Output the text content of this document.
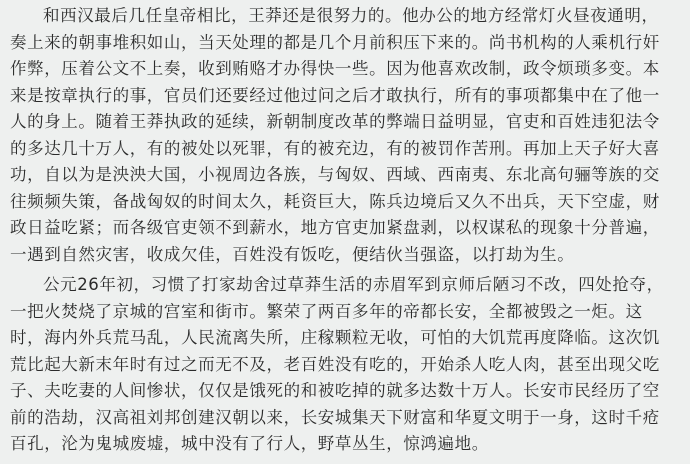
和西汉最后几任皇帝相比，王莽还是很努力的。他办公的地方经常灯火昼夜通明，
奏上来的朝事堆积如山，当天处理的都是几个月前积压下来的。尚书机构的人乘机行奸
作弊，压着公文不上奏，收到贿赂才办得快一些。因为他喜欢改制，政令烦琐多变。本
来是按章执行的事，官员们还要经过他过问之后才敢执行，所有的事项都集中在了他一
人的身上。随着王莽执政的延续，新朝制度改革的弊端日益明显，官吏和百姓违犯法令
的多达几十万人，有的被处以死罪，有的被充边，有的被罚作苦刑。再加上天子好大喜
功，自以为是泱泱大国，小视周边各族，与匈奴、西域、西南夷、东北高句骊等族的交
往频频失策，备战匈奴的时间太久，耗资巨大，陈兵边境后又久不出兵，天下空虚，财
政日益吃紧；而各级官吏领不到薪水，地方官吏加紧盘剥，以权谋私的现象十分普遍，
一遇到自然灾害，收成欠佳，百姓没有饭吃，便结伙当强盗，以打劫为生。
公元26年初，习惯了打家劫舍过草莽生活的赤眉军到京师后陋习不改，四处抢夺，
一把火焚烧了京城的宫室和街市。繁荣了两百多年的帝都长安，全都被毁之一炬。这
时，海内外兵荒马乱，人民流离失所，庄稼颗粒无收，可怕的大饥荒再度降临。这次饥
荒比起大新末年时有过之而无不及，老百姓没有吃的，开始杀人吃人肉，甚至出现父吃
子、夫吃妻的人间惨状，仅仅是饿死的和被吃掉的就多达数十万人。长安市民经历了空
前的浩劫，汉高祖刘邦创建汉朝以来，长安城集天下财富和华夏文明于一身，这时千疮
百孔，沦为鬼城废墟，城中没有了行人，野草丛生，惊鸿遍地。
